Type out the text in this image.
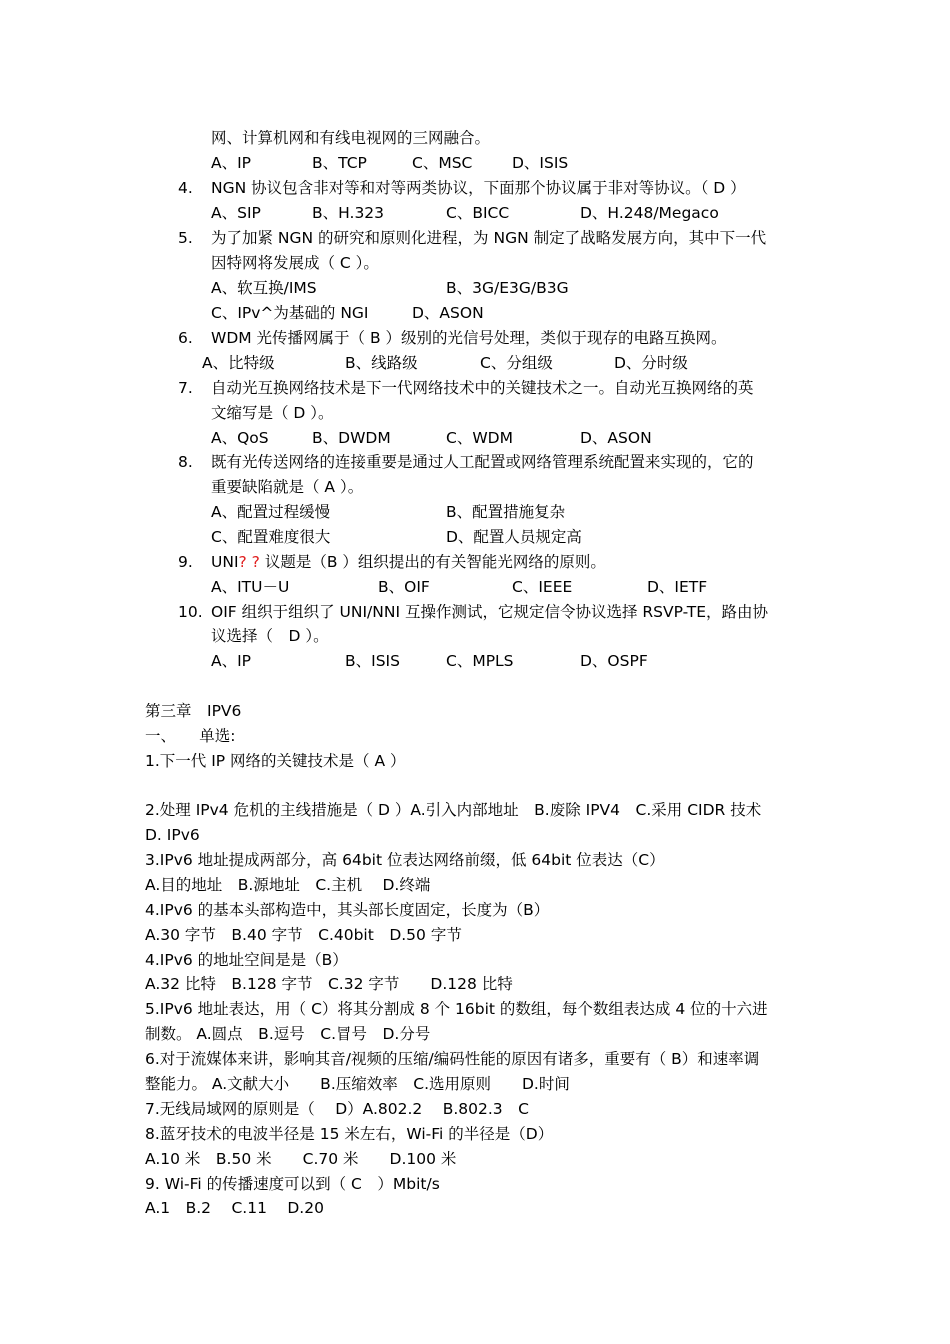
网、计算机网和有线电视网的三网融合。
A、IP	B、TCP	C、MSC	D、ISIS
4. NGN 协议包含非对等和对等两类协议，下面那个协议属于非对等协议。（ D ）
A、SIP	B、H.323	C、BICC	D、H.248/Megaco
5. 为了加紧 NGN 的研究和原则化进程，为 NGN 制定了战略发展方向，其中下一代
因特网将发展成（ C ）。
A、软互换/IMS	B、3G/E3G/B3G
C、IPv^为基础的 NGI	D、ASON
6. WDM 光传播网属于（ B ）级别的光信号处理，类似于现存的电路互换网。
A、比特级	B、线路级	C、分组级	D、分时级
7. 自动光互换网络技术是下一代网络技术中的关键技术之一。自动光互换网络的英
文缩写是（ D ）。
A、QoS	B、DWDM	C、WDM	D、ASON
8. 既有光传送网络的连接重要是通过人工配置或网络管理系统配置来实现的，它的
重要缺陷就是（ A ）。
A、配置过程缓慢	B、配置措施复杂
C、配置难度很大	D、配置人员规定高
9. UNI? ? 议题是（B ）组织提出的有关智能光网络的原则。
A、ITU－U	B、OIF	C、IEEE	D、IETF
10. OIF 组织于组织了 UNI/NNI 互操作测试，它规定信令协议选择 RSVP-TE，路由协
议选择（　D ）。
A、IP	B、ISIS	C、MPLS	D、OSPF
第三章　IPV6
一、　　单选:
1.下一代 IP 网络的关键技术是（ A ）
2.处理 IPv4 危机的主线措施是（ D ）A.引入内部地址　B.废除 IPV4　C.采用 CIDR 技术
D. IPv6
3.IPv6 地址提成两部分，高 64bit 位表达网络前缀，低 64bit 位表达（C）
A.目的地址　B.源地址　C.主机　 D.终端
4.IPv6 的基本头部构造中，其头部长度固定，长度为（B）
A.30 字节　B.40 字节　C.40bit　D.50 字节
4.IPv6 的地址空间是是（B）
A.32 比特　B.128 字节　C.32 字节　　D.128 比特
5.IPv6 地址表达，用（ C）将其分割成 8 个 16bit 的数组，每个数组表达成 4 位的十六进
制数。 A.圆点　B.逗号　C.冒号　D.分号
6.对于流媒体来讲，影响其音/视频的压缩/编码性能的原因有诸多，重要有（ B）和速率调
整能力。 A.文献大小　　B.压缩效率　C.选用原则　　D.时间
7.无线局域网的原则是（　 D）A.802.2　 B.802.3　C
8.蓝牙技术的电波半径是 15 米左右，Wi-Fi 的半径是（D）
A.10 米　B.50 米　　C.70 米　　D.100 米
9. Wi-Fi 的传播速度可以到（ C　）Mbit/s
A.1　B.2　 C.11　 D.20
